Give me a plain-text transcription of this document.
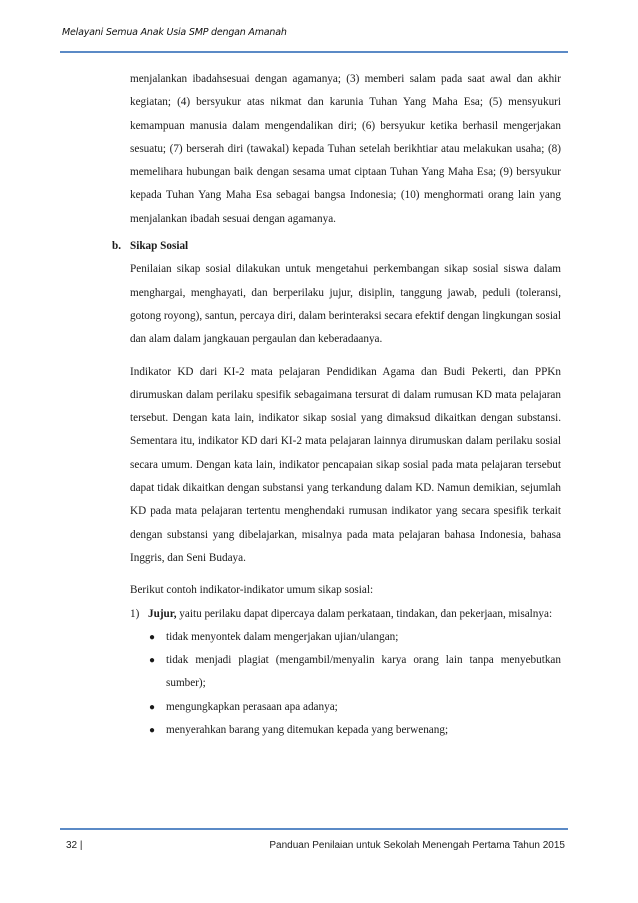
Melayani Semua Anak Usia SMP dengan Amanah
menjalankan ibadahsesuai dengan agamanya; (3) memberi salam pada saat awal dan akhir kegiatan; (4) bersyukur atas nikmat dan karunia Tuhan Yang Maha Esa; (5) mensyukuri kemampuan manusia dalam mengendalikan diri; (6) bersyukur ketika berhasil mengerjakan sesuatu; (7) berserah diri (tawakal) kepada Tuhan setelah berikhtiar atau melakukan usaha; (8) memelihara hubungan baik dengan sesama umat ciptaan Tuhan Yang Maha Esa; (9) bersyukur kepada Tuhan Yang Maha Esa sebagai bangsa Indonesia; (10) menghormati orang lain yang menjalankan ibadah sesuai dengan agamanya.
b. Sikap Sosial
Penilaian sikap sosial dilakukan untuk mengetahui perkembangan sikap sosial siswa dalam menghargai, menghayati, dan berperilaku jujur, disiplin, tanggung jawab, peduli (toleransi, gotong royong), santun, percaya diri, dalam berinteraksi secara efektif dengan lingkungan sosial dan alam dalam jangkauan pergaulan dan keberadaanya.
Indikator KD dari KI-2 mata pelajaran Pendidikan Agama dan Budi Pekerti, dan PPKn dirumuskan dalam perilaku spesifik sebagaimana tersurat di dalam rumusan KD mata pelajaran tersebut. Dengan kata lain, indikator sikap sosial yang dimaksud dikaitkan dengan substansi. Sementara itu, indikator KD dari KI-2 mata pelajaran lainnya dirumuskan dalam perilaku sosial secara umum. Dengan kata lain, indikator pencapaian sikap sosial pada mata pelajaran tersebut dapat tidak dikaitkan dengan substansi yang terkandung dalam KD. Namun demikian, sejumlah KD pada mata pelajaran tertentu menghendaki rumusan indikator yang secara spesifik terkait dengan substansi yang dibelajarkan, misalnya pada mata pelajaran bahasa Indonesia, bahasa Inggris, dan Seni Budaya.
Berikut contoh indikator-indikator umum sikap sosial:
1) Jujur, yaitu perilaku dapat dipercaya dalam perkataan, tindakan, dan pekerjaan, misalnya:
● tidak menyontek dalam mengerjakan ujian/ulangan;
● tidak menjadi plagiat (mengambil/menyalin karya orang lain tanpa menyebutkan sumber);
● mengungkapkan perasaan apa adanya;
● menyerahkan barang yang ditemukan kepada yang berwenang;
32 |	Panduan Penilaian untuk Sekolah Menengah Pertama Tahun 2015
